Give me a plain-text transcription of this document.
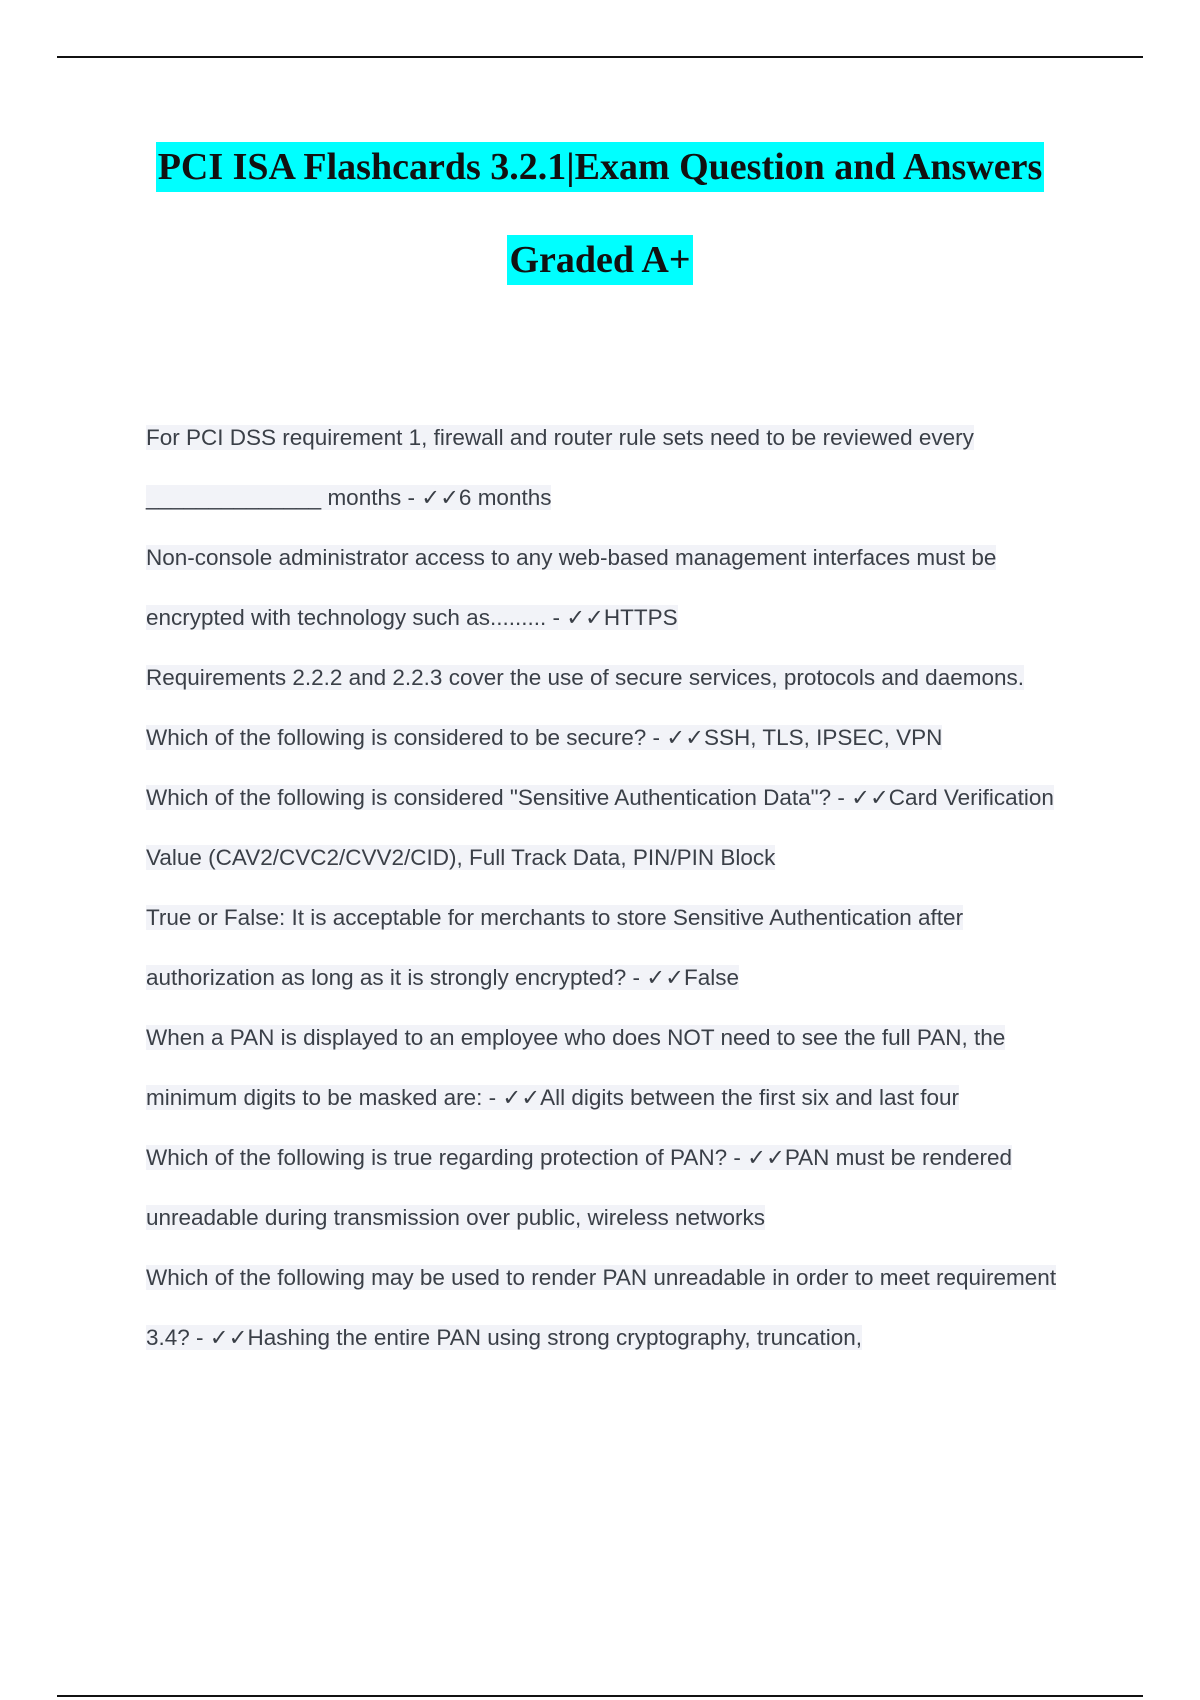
PCI ISA Flashcards 3.2.1|Exam Question and Answers
Graded A+

For PCI DSS requirement 1, firewall and router rule sets need to be reviewed every ______________ months - ✓✓6 months

Non-console administrator access to any web-based management interfaces must be encrypted with technology such as......... - ✓✓HTTPS

Requirements 2.2.2 and 2.2.3 cover the use of secure services, protocols and daemons. Which of the following is considered to be secure? - ✓✓SSH, TLS, IPSEC, VPN

Which of the following is considered "Sensitive Authentication Data"? - ✓✓Card Verification Value (CAV2/CVC2/CVV2/CID), Full Track Data, PIN/PIN Block

True or False: It is acceptable for merchants to store Sensitive Authentication after authorization as long as it is strongly encrypted? - ✓✓False

When a PAN is displayed to an employee who does NOT need to see the full PAN, the minimum digits to be masked are: - ✓✓All digits between the first six and last four

Which of the following is true regarding protection of PAN? - ✓✓PAN must be rendered unreadable during transmission over public, wireless networks

Which of the following may be used to render PAN unreadable in order to meet requirement 3.4? - ✓✓Hashing the entire PAN using strong cryptography, truncation,
